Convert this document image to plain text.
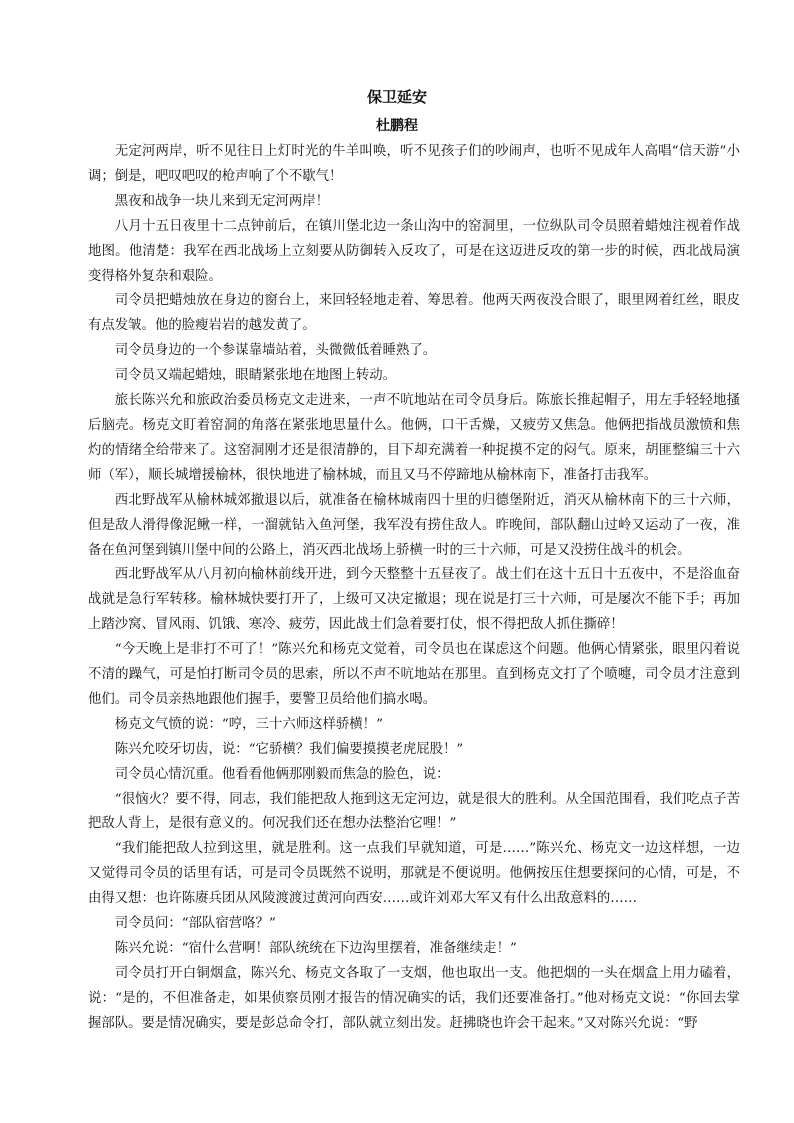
保卫延安
杜鹏程

无定河两岸，听不见往日上灯时光的牛羊叫唤，听不见孩子们的吵闹声，也听不见成年人高唱“信天游”小调；倒是，吧叹吧叹的枪声响了个不歇气！

黑夜和战争一块儿来到无定河两岸！

八月十五日夜里十二点钟前后，在镇川堡北边一条山沟中的窑洞里，一位纵队司令员照着蜡烛注视着作战地图。他清楚：我军在西北战场上立刻要从防御转入反攻了，可是在这迈进反攻的第一步的时候，西北战局演变得格外复杂和艰险。

司令员把蜡烛放在身边的窗台上，来回轻轻地走着、筹思着。他两天两夜没合眼了，眼里网着红丝，眼皮有点发皱。他的脸瘦岩岩的越发黄了。

司令员身边的一个参谋靠墙站着，头微微低着睡熟了。

司令员又端起蜡烛，眼睛紧张地在地图上转动。

旅长陈兴允和旅政治委员杨克文走进来，一声不吭地站在司令员身后。陈旅长推起帽子，用左手轻轻地搔后脑壳。杨克文盯着窑洞的角落在紧张地思量什么。他俩，口干舌燥，又疲劳又焦急。他俩把指战员激愤和焦灼的情绪全给带来了。这窑洞刚才还是很清静的，目下却充满着一种捉摸不定的闷气。原来，胡匪整编三十六师（军），顺长城增援榆林，很快地进了榆林城，而且又马不停蹄地从榆林南下，准备打击我军。

西北野战军从榆林城郊撤退以后，就准备在榆林城南四十里的归德堡附近，消灭从榆林南下的三十六师，但是敌人滑得像泥鳅一样，一溜就钻入鱼河堡，我军没有捞住敌人。昨晚间，部队翻山过岭又运动了一夜，准备在鱼河堡到镇川堡中间的公路上，消灭西北战场上骄横一时的三十六师，可是又没捞住战斗的机会。

西北野战军从八月初向榆林前线开进，到今天整整十五昼夜了。战士们在这十五日十五夜中，不是浴血奋战就是急行军转移。榆林城快要打开了，上级可又决定撤退；现在说是打三十六师，可是屡次不能下手；再加上踏沙窝、冒风雨、饥饿、寒冷、疲劳，因此战士们急着要打仗，恨不得把敌人抓住撕碎！

“今天晚上是非打不可了！”陈兴允和杨克文觉着，司令员也在谋虑这个问题。他俩心情紧张，眼里闪着说不清的躁气，可是怕打断司令员的思索，所以不声不吭地站在那里。直到杨克文打了个喷嚏，司令员才注意到他们。司令员亲热地跟他们握手，要警卫员给他们搞水喝。

杨克文气愤的说：“哼，三十六师这样骄横！”

陈兴允咬牙切齿，说：“它骄横？我们偏要摸摸老虎屁股！”

司令员心情沉重。他看看他俩那刚毅而焦急的脸色，说：

“很恼火？要不得，同志，我们能把敌人拖到这无定河边，就是很大的胜利。从全国范围看，我们吃点子苦把敌人背上，是很有意义的。何况我们还在想办法整治它哩！”

“我们能把敌人拉到这里，就是胜利。这一点我们早就知道，可是……”陈兴允、杨克文一边这样想，一边又觉得司令员的话里有话，可是司令员既然不说明，那就是不便说明。他俩按压住想要探问的心情，可是，不由得又想：也许陈赓兵团从风陵渡渡过黄河向西安……或许刘邓大军又有什么出敌意料的……

司令员问：“部队宿营咯？”

陈兴允说：“宿什么营啊！部队统统在下边沟里摆着，准备继续走！”

司令员打开白铜烟盒，陈兴允、杨克文各取了一支烟，他也取出一支。他把烟的一头在烟盒上用力磕着，说：“是的，不但准备走，如果侦察员刚才报告的情况确实的话，我们还要准备打。”他对杨克文说：“你回去掌握部队。要是情况确实，要是彭总命令打，部队就立刻出发。赶拂晓也许会干起来。”又对陈兴允说：“野
